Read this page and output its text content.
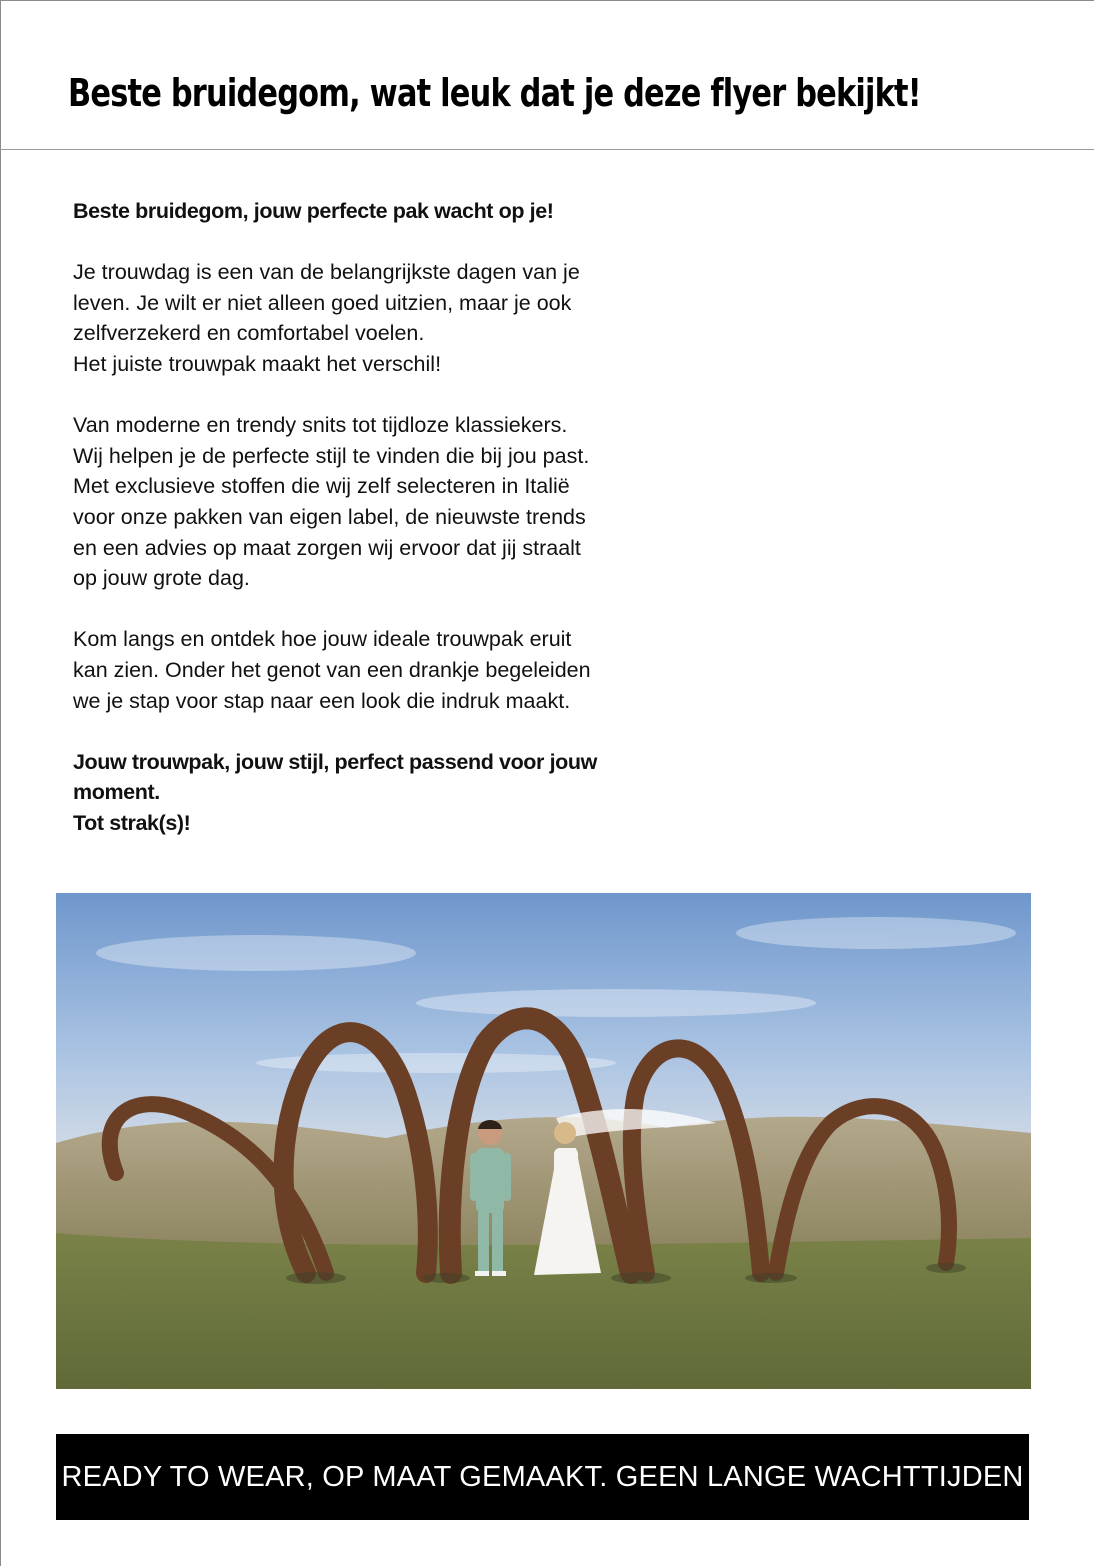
Beste bruidegom, wat leuk dat je deze flyer bekijkt!

Beste bruidegom, jouw perfecte pak wacht op je!

Je trouwdag is een van de belangrijkste dagen van je
leven. Je wilt er niet alleen goed uitzien, maar je ook
zelfverzekerd en comfortabel voelen.
Het juiste trouwpak maakt het verschil!

Van moderne en trendy snits tot tijdloze klassiekers.
Wij helpen je de perfecte stijl te vinden die bij jou past.
Met exclusieve stoffen die wij zelf selecteren in Italië
voor onze pakken van eigen label, de nieuwste trends
en een advies op maat zorgen wij ervoor dat jij straalt
op jouw grote dag.

Kom langs en ontdek hoe jouw ideale trouwpak eruit
kan zien. Onder het genot van een drankje begeleiden
we je stap voor stap naar een look die indruk maakt.

Jouw trouwpak, jouw stijl, perfect passend voor jouw
moment.
Tot strak(s)!

READY TO WEAR, OP MAAT GEMAAKT. GEEN LANGE WACHTTIJDEN
